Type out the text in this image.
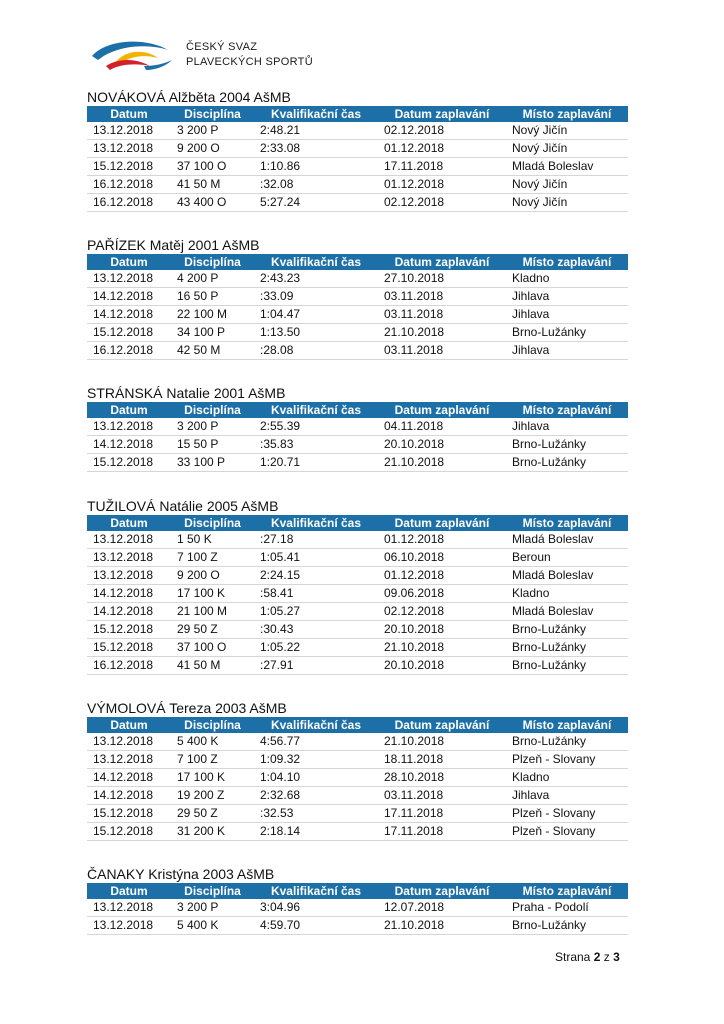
ČESKÝ SVAZ
PLAVECKÝCH SPORTŮ
NOVÁKOVÁ Alžběta 2004 AšMB
Datum	Disciplína	Kvalifikační čas	Datum zaplavání	Místo zaplavání
13.12.2018	3 200 P	2:48.21	02.12.2018	Nový Jičín
13.12.2018	9 200 O	2:33.08	01.12.2018	Nový Jičín
15.12.2018	37 100 O	1:10.86	17.11.2018	Mladá Boleslav
16.12.2018	41 50 M	:32.08	01.12.2018	Nový Jičín
16.12.2018	43 400 O	5:27.24	02.12.2018	Nový Jičín
PAŘÍZEK Matěj 2001 AšMB
Datum	Disciplína	Kvalifikační čas	Datum zaplavání	Místo zaplavání
13.12.2018	4 200 P	2:43.23	27.10.2018	Kladno
14.12.2018	16 50 P	:33.09	03.11.2018	Jihlava
14.12.2018	22 100 M	1:04.47	03.11.2018	Jihlava
15.12.2018	34 100 P	1:13.50	21.10.2018	Brno-Lužánky
16.12.2018	42 50 M	:28.08	03.11.2018	Jihlava
STRÁNSKÁ Natalie 2001 AšMB
Datum	Disciplína	Kvalifikační čas	Datum zaplavání	Místo zaplavání
13.12.2018	3 200 P	2:55.39	04.11.2018	Jihlava
14.12.2018	15 50 P	:35.83	20.10.2018	Brno-Lužánky
15.12.2018	33 100 P	1:20.71	21.10.2018	Brno-Lužánky
TUŽILOVÁ Natálie 2005 AšMB
Datum	Disciplína	Kvalifikační čas	Datum zaplavání	Místo zaplavání
13.12.2018	1 50 K	:27.18	01.12.2018	Mladá Boleslav
13.12.2018	7 100 Z	1:05.41	06.10.2018	Beroun
13.12.2018	9 200 O	2:24.15	01.12.2018	Mladá Boleslav
14.12.2018	17 100 K	:58.41	09.06.2018	Kladno
14.12.2018	21 100 M	1:05.27	02.12.2018	Mladá Boleslav
15.12.2018	29 50 Z	:30.43	20.10.2018	Brno-Lužánky
15.12.2018	37 100 O	1:05.22	21.10.2018	Brno-Lužánky
16.12.2018	41 50 M	:27.91	20.10.2018	Brno-Lužánky
VÝMOLOVÁ Tereza 2003 AšMB
Datum	Disciplína	Kvalifikační čas	Datum zaplavání	Místo zaplavání
13.12.2018	5 400 K	4:56.77	21.10.2018	Brno-Lužánky
13.12.2018	7 100 Z	1:09.32	18.11.2018	Plzeň - Slovany
14.12.2018	17 100 K	1:04.10	28.10.2018	Kladno
14.12.2018	19 200 Z	2:32.68	03.11.2018	Jihlava
15.12.2018	29 50 Z	:32.53	17.11.2018	Plzeň - Slovany
15.12.2018	31 200 K	2:18.14	17.11.2018	Plzeň - Slovany
ČANAKY Kristýna 2003 AšMB
Datum	Disciplína	Kvalifikační čas	Datum zaplavání	Místo zaplavání
13.12.2018	3 200 P	3:04.96	12.07.2018	Praha - Podolí
13.12.2018	5 400 K	4:59.70	21.10.2018	Brno-Lužánky
Strana 2 z 3
